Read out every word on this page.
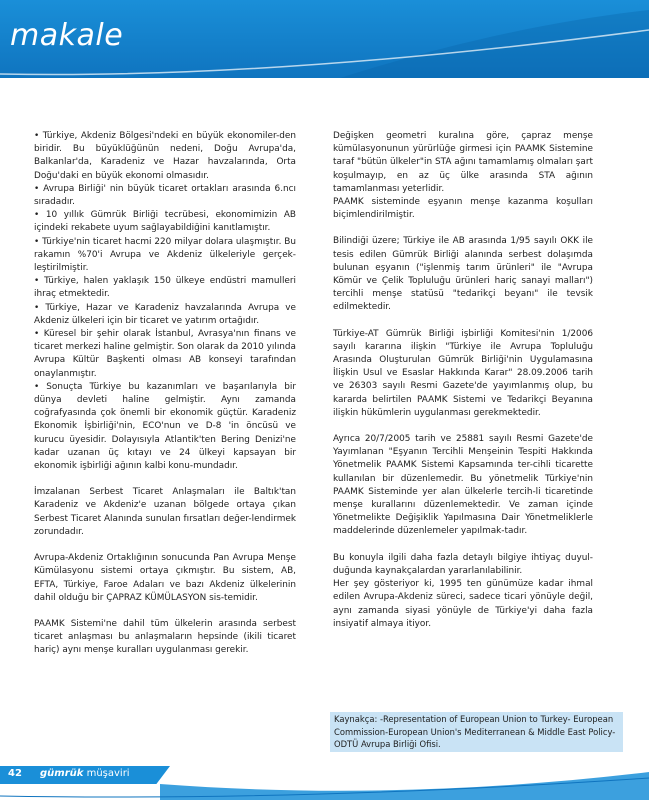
makale

• Türkiye, Akdeniz Bölgesi'ndeki en büyük ekonomiler-den biridir. Bu büyüklüğünün nedeni, Doğu Avrupa'da, Balkanlar'da, Karadeniz ve Hazar havzalarında, Orta Doğu'daki en büyük ekonomi olmasıdır.

• Avrupa Birliği' nin büyük ticaret ortakları arasında 6.ncı sıradadır.

• 10 yıllık Gümrük Birliği tecrübesi, ekonomimizin AB içindeki rekabete uyum sağlayabildiğini kanıtlamıştır.

• Türkiye'nin ticaret hacmi 220 milyar dolara ulaşmıştır. Bu rakamın %70'i Avrupa ve Akdeniz ülkeleriyle gerçek-leştirilmiştir.

• Türkiye, halen yaklaşık 150 ülkeye endüstri mamulleri ihraç etmektedir.

• Türkiye, Hazar ve Karadeniz havzalarında Avrupa ve Akdeniz ülkeleri için bir ticaret ve yatırım ortağıdır.

• Küresel bir şehir olarak İstanbul, Avrasya'nın finans ve ticaret merkezi haline gelmiştir. Son olarak da 2010 yılında Avrupa Kültür Başkenti olması AB konseyi tarafından onaylanmıştır.

• Sonuçta Türkiye bu kazanımları ve başarılarıyla bir dünya devleti haline gelmiştir. Aynı zamanda coğrafyasında çok önemli bir ekonomik güçtür. Karadeniz Ekonomik İşbirliği'nin, ECO'nun ve D-8 'in öncüsü ve kurucu üyesidir. Dolayısıyla Atlantik'ten Bering Denizi'ne kadar uzanan üç kıtayı ve 24 ülkeyi kapsayan bir ekonomik işbirliği ağının kalbi konu-mundadır.

İmzalanan Serbest Ticaret Anlaşmaları ile Baltık'tan Karadeniz ve Akdeniz'e uzanan bölgede ortaya çıkan Serbest Ticaret Alanında sunulan fırsatları değer-lendirmek zorundadır.

Avrupa-Akdeniz Ortaklığının sonucunda Pan Avrupa Menşe Kümülasyonu sistemi ortaya çıkmıştır. Bu sistem, AB, EFTA, Türkiye, Faroe Adaları ve bazı Akdeniz ülkelerinin dahil olduğu bir ÇAPRAZ KÜMÜLASYON sis-temidir.

PAAMK Sistemi'ne dahil tüm ülkelerin arasında serbest ticaret anlaşması bu anlaşmaların hepsinde (ikili ticaret hariç) aynı menşe kuralları uygulanması gerekir.

Değişken geometri kuralına göre, çapraz menşe kümülasyonunun yürürlüğe girmesi için PAAMK Sistemine taraf "bütün ülkeler"in STA ağını tamamlamış olmaları şart koşulmayıp, en az üç ülke arasında STA ağının tamamlanması yeterlidir.

PAAMK sisteminde eşyanın menşe kazanma koşulları biçimlendirilmiştir.

Bilindiği üzere; Türkiye ile AB arasında 1/95 sayılı OKK ile tesis edilen Gümrük Birliği alanında serbest dolaşımda bulunan eşyanın ("işlenmiş tarım ürünleri" ile "Avrupa Kömür ve Çelik Topluluğu ürünleri hariç sanayi malları") tercihli menşe statüsü "tedarikçi beyanı" ile tevsik edilmektedir.

Türkiye-AT Gümrük Birliği işbirliği Komitesi'nin 1/2006 sayılı kararına ilişkin "Türkiye ile Avrupa Topluluğu Arasında Oluşturulan Gümrük Birliği'nin Uygulamasına İlişkin Usul ve Esaslar Hakkında Karar" 28.09.2006 tarih ve 26303 sayılı Resmi Gazete'de yayımlanmış olup, bu kararda belirtilen PAAMK Sistemi ve Tedarikçi Beyanına ilişkin hükümlerin uygulanması gerekmektedir.

Ayrıca 20/7/2005 tarih ve 25881 sayılı Resmi Gazete'de Yayımlanan "Eşyanın Tercihli Menşeinin Tespiti Hakkında Yönetmelik PAAMK Sistemi Kapsamında ter-cihli ticarette kullanılan bir düzenlemedir. Bu yönetmelik Türkiye'nin PAAMK Sisteminde yer alan ülkelerle tercih-li ticaretinde menşe kurallarını düzenlemektedir. Ve zaman içinde Yönetmelikte Değişiklik Yapılmasına Dair Yönetmeliklerle maddelerinde düzenlemeler yapılmak-tadır.

Bu konuyla ilgili daha fazla detaylı bilgiye ihtiyaç duyul-duğunda kaynakçalardan yararlanılabilinir.

Her şey gösteriyor ki, 1995 ten günümüze kadar ihmal edilen Avrupa-Akdeniz süreci, sadece ticari yönüyle değil, aynı zamanda siyasi yönüyle de Türkiye'yi daha fazla insiyatif almaya itiyor.

Kaynakça: -Representation of European Union to Turkey- European Commission-European Union's Mediterranean & Middle East Policy-ODTÜ Avrupa Birliği Ofisi.
42 gümrük müşaviri
